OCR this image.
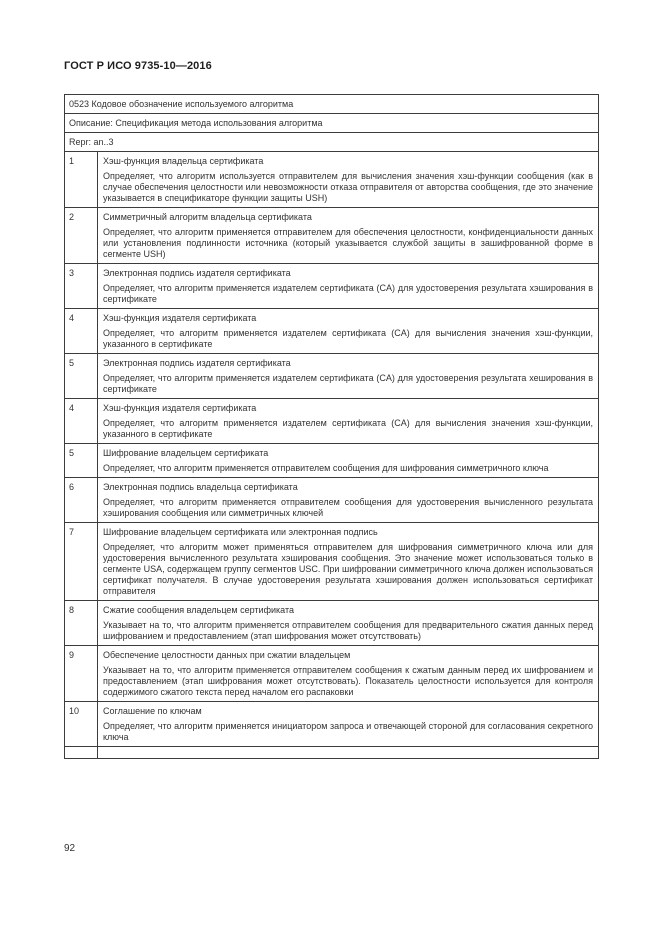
ГОСТ Р ИСО 9735-10—2016
0523 Кодовое обозначение используемого алгоритма	
Описание: Спецификация метода использования алгоритма	
Repr: an..3	
1	Хэш-функция владельца сертификата
Определяет, что алгоритм используется отправителем для вычисления значения хэш-функции сообщения (как в случае обеспечения целостности или невозможности отказа отправителя от авторства сообщения, где это значение указывается в спецификаторе функции защиты USH)

2	Симметричный алгоритм владельца сертификата
Определяет, что алгоритм применяется отправителем для обеспечения целостности, конфиденциальности данных или установления подлинности источника (который указывается службой защиты в зашифрованной форме в сегменте USH)

3	Электронная подпись издателя сертификата
Определяет, что алгоритм применяется издателем сертификата (CA) для удостоверения результата хэширования в сертификате

4	Хэш-функция издателя сертификата
Определяет, что алгоритм применяется издателем сертификата (CA) для вычисления значения хэш-функции, указанного в сертификате

5	Электронная подпись издателя сертификата
Определяет, что алгоритм применяется издателем сертификата (CA) для удостоверения результата хеширования в сертификате

4	Хэш-функция издателя сертификата
Определяет, что алгоритм применяется издателем сертификата (CA) для вычисления значения хэш-функции, указанного в сертификате

5	Шифрование владельцем сертификата
Определяет, что алгоритм применяется отправителем сообщения для шифрования симметричного ключа

6	Электронная подпись владельца сертификата
Определяет, что алгоритм применяется отправителем сообщения для удостоверения вычисленного результата хэширования сообщения или симметричных ключей

7	Шифрование владельцем сертификата или электронная подпись
Определяет, что алгоритм может применяться отправителем для шифрования симметричного ключа или для удостоверения вычисленного результата хэширования сообщения. Это значение может использоваться только в сегменте USA, содержащем группу сегментов USC. При шифровании симметричного ключа должен использоваться сертификат получателя. В случае удостоверения результата хэширования должен использоваться сертификат отправителя

8	Сжатие сообщения владельцем сертификата
Указывает на то, что алгоритм применяется отправителем сообщения для предварительного сжатия данных перед шифрованием и предоставлением (этап шифрования может отсутствовать)

9	Обеспечение целостности данных при сжатии владельцем
Указывает на то, что алгоритм применяется отправителем сообщения к сжатым данным перед их шифрованием и предоставлением (этап шифрования может отсутствовать). Показатель целостности используется для контроля содержимого сжатого текста перед началом его распаковки

10	Соглашение по ключам
Определяет, что алгоритм применяется инициатором запроса и отвечающей стороной для согласования секретного ключа

92
